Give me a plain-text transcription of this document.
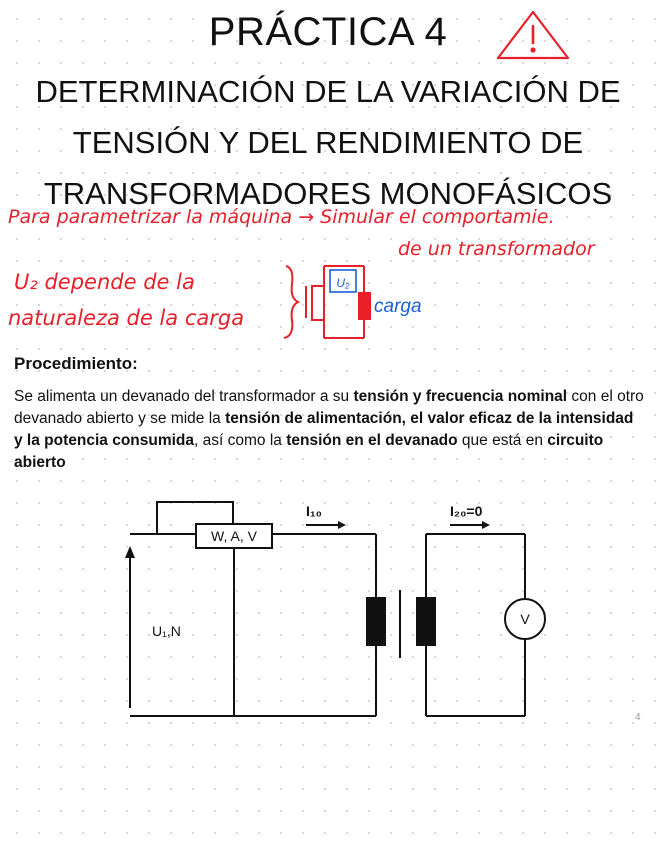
PRÁCTICA 4
DETERMINACIÓN DE LA VARIACIÓN DE
TENSIÓN Y DEL RENDIMIENTO DE
TRANSFORMADORES MONOFÁSICOS
Para parametrizar la máquina → Simular el comportamie.
de un transformador
U₂ depende de la
naturaleza de la carga
U₂
carga
Procedimiento:
Se alimenta un devanado del transformador a su tensión y frecuencia nominal con el otro devanado abierto y se mide la tensión de alimentación, el valor eficaz de la intensidad y la potencia consumida, así como la tensión en el devanado que está en circuito abierto
W, A, V
I₁₀	I₂₀=0
U₁,N
V
4
